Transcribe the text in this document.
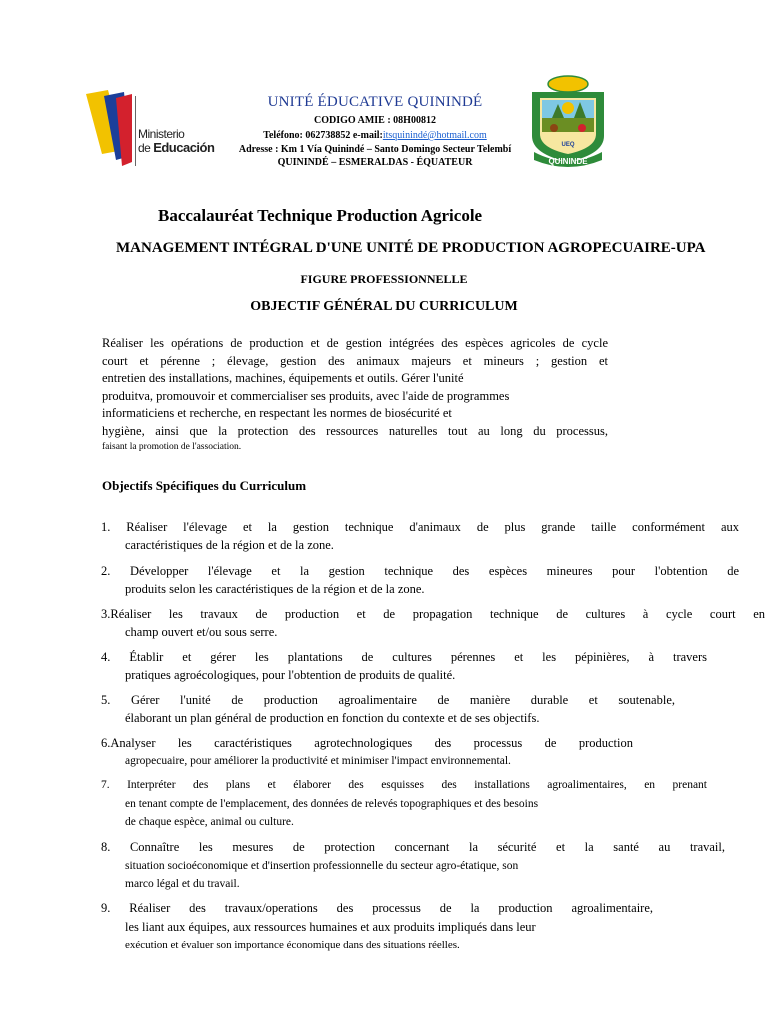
Ministerio
de Educación
UNITÉ ÉDUCATIVE QUININDÉ
CODIGO AMIE : 08H00812
Teléfono: 062738852 e-mail:itsquinindé@hotmail.com
Adresse : Km 1 Vía Quinindé – Santo Domingo Secteur Telembí
QUININDÉ – ESMERALDAS - ÉQUATEUR
UEQ
QUININDE
Baccalauréat Technique Production Agricole
MANAGEMENT INTÉGRAL D'UNE UNITÉ DE PRODUCTION AGROPECUAIRE-UPA
FIGURE PROFESSIONNELLE
OBJECTIF GÉNÉRAL DU CURRICULUM
Réaliser les opérations de production et de gestion intégrées des espèces agricoles de cycle
court et pérenne ; élevage, gestion des animaux majeurs et mineurs ; gestion et
entretien des installations, machines, équipements et outils. Gérer l'unité
produitva, promouvoir et commercialiser ses produits, avec l'aide de programmes
informaticiens et recherche, en respectant les normes de biosécurité et
hygiène, ainsi que la protection des ressources naturelles tout au long du processus,
faisant la promotion de l'association.
Objectifs Spécifiques du Curriculum
1. Réaliser l'élevage et la gestion technique d'animaux de plus grande taille conformément aux
caractéristiques de la région et de la zone.
2. Développer l'élevage et la gestion technique des espèces mineures pour l'obtention de
produits selon les caractéristiques de la région et de la zone.
3.Réaliser les travaux de production et de propagation technique de cultures à cycle court en
champ ouvert et/ou sous serre.
4. Établir et gérer les plantations de cultures pérennes et les pépinières, à travers
pratiques agroécologiques, pour l'obtention de produits de qualité.
5. Gérer l'unité de production agroalimentaire de manière durable et soutenable,
élaborant un plan général de production en fonction du contexte et de ses objectifs.
6.Analyser les caractéristiques agrotechnologiques des processus de production
agropecuaire, pour améliorer la productivité et minimiser l'impact environnemental.
7. Interpréter des plans et élaborer des esquisses des installations agroalimentaires, en prenant
en tenant compte de l'emplacement, des données de relevés topographiques et des besoins
de chaque espèce, animal ou culture.
8. Connaître les mesures de protection concernant la sécurité et la santé au travail,
situation socioéconomique et d'insertion professionnelle du secteur agro-étatique, son
marco légal et du travail.
9. Réaliser des travaux/operations des processus de la production agroalimentaire,
les liant aux équipes, aux ressources humaines et aux produits impliqués dans leur
exécution et évaluer son importance économique dans des situations réelles.
